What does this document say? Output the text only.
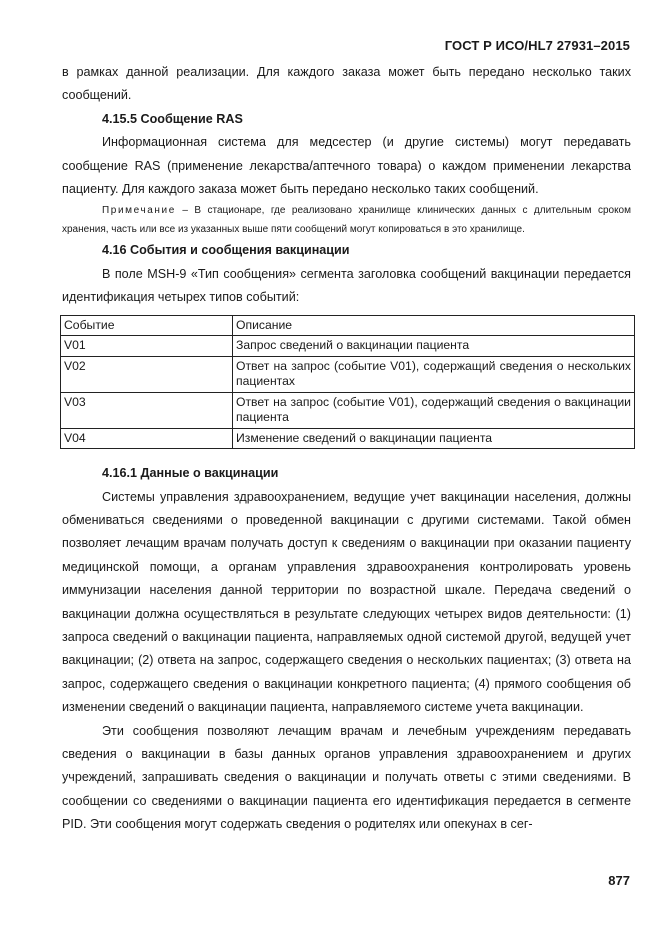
ГОСТ Р ИСО/HL7 27931–2015

в рамках данной реализации. Для каждого заказа может быть передано несколько таких сообщений.

4.15.5 Сообщение RAS

Информационная система для медсестер (и другие системы) могут передавать сообщение RAS (применение лекарства/аптечного товара) о каждом применении лекарства пациенту. Для каждого заказа может быть передано несколько таких сообщений.

Примечание – В стационаре, где реализовано хранилище клинических данных с длительным сроком хранения, часть или все из указанных выше пяти сообщений могут копироваться в это хранилище.

4.16 События и сообщения вакцинации

В поле MSH-9 «Тип сообщения» сегмента заголовка сообщений вакцинации передается идентификация четырех типов событий:

Событие	Описание
V01	Запрос сведений о вакцинации пациента
V02	Ответ на запрос (событие V01), содержащий сведения о нескольких пациентах
V03	Ответ на запрос (событие V01), содержащий сведения о вакцинации пациента
V04	Изменение сведений о вакцинации пациента
4.16.1 Данные о вакцинации

Системы управления здравоохранением, ведущие учет вакцинации населения, должны обмениваться сведениями о проведенной вакцинации с другими системами. Такой обмен позволяет лечащим врачам получать доступ к сведениям о вакцинации при оказании пациенту медицинской помощи, а органам управления здравоохранения контролировать уровень иммунизации населения данной территории по возрастной шкале. Передача сведений о вакцинации должна осуществляться в результате следующих четырех видов деятельности: (1) запроса сведений о вакцинации пациента, направляемых одной системой другой, ведущей учет вакцинации; (2) ответа на запрос, содержащего сведения о нескольких пациентах; (3) ответа на запрос, содержащего сведения о вакцинации конкретного пациента; (4) прямого сообщения об изменении сведений о вакцинации пациента, направляемого системе учета вакцинации.

Эти сообщения позволяют лечащим врачам и лечебным учреждениям передавать сведения о вакцинации в базы данных органов управления здравоохранением и других учреждений, запрашивать сведения о вакцинации и получать ответы с этими сведениями. В сообщении со сведениями о вакцинации пациента его идентификация передается в сегменте PID. Эти сообщения могут содержать сведения о родителях или опекунах в сег-

877
